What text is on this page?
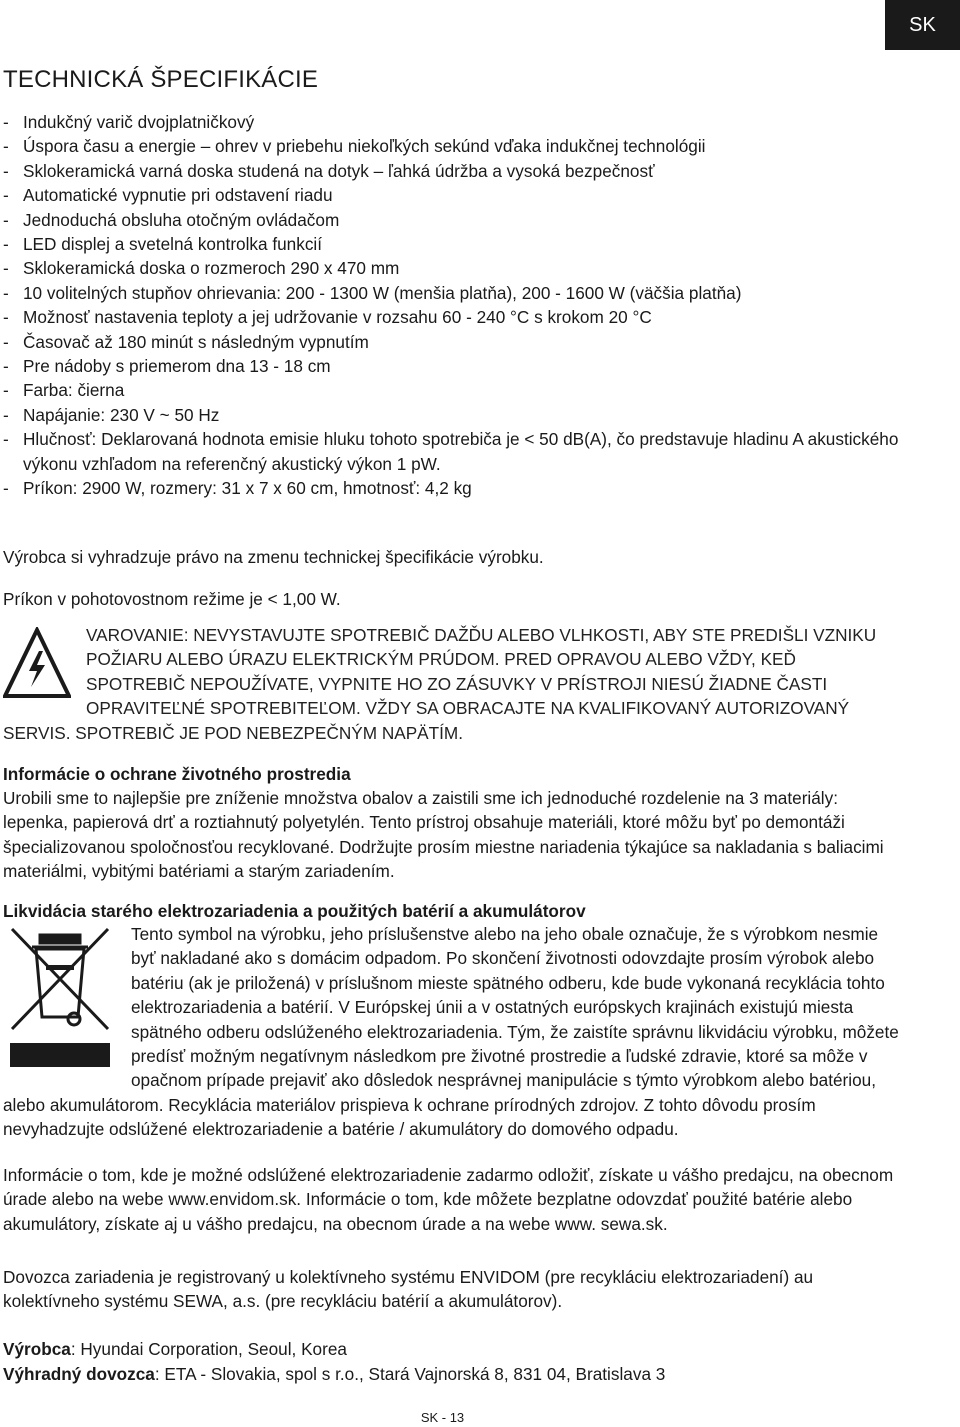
SK
TECHNICKÁ ŠPECIFIKÁCIE
- Indukčný varič dvojplatničkový
- Úspora času a energie – ohrev v priebehu niekoľkých sekúnd vďaka indukčnej technológii
- Sklokeramická varná doska studená na dotyk – ľahká údržba a vysoká bezpečnosť
- Automatické vypnutie pri odstavení riadu
- Jednoduchá obsluha otočným ovládačom
- LED displej a svetelná kontrolka funkcií
- Sklokeramická doska o rozmeroch 290 x 470 mm
- 10 volitelných stupňov ohrievania: 200 - 1300 W (menšia platňa), 200 - 1600 W (väčšia platňa)
- Možnosť nastavenia teploty a jej udržovanie v rozsahu 60 - 240 °C s krokom 20 °C
- Časovač až 180 minút s následným vypnutím
- Pre nádoby s priemerom dna 13 - 18 cm
- Farba: čierna
- Napájanie: 230 V ~ 50 Hz
- Hlučnosť: Deklarovaná hodnota emisie hluku tohoto spotrebiča je < 50 dB(A), čo predstavuje hladinu A akustického výkonu vzhľadom na referenčný akustický výkon 1 pW.
- Príkon: 2900 W, rozmery: 31 x 7 x 60 cm, hmotnosť: 4,2 kg

Výrobca si vyhradzuje právo na zmenu technickej špecifikácie výrobku.

Príkon v pohotovostnom režime je < 1,00 W.

VAROVANIE: NEVYSTAVUJTE SPOTREBIČ DAŽĎU ALEBO VLHKOSTI, ABY STE PREDIŠLI VZNIKU POŽIARU ALEBO ÚRAZU ELEKTRICKÝM PRÚDOM. PRED OPRAVOU ALEBO VŽDY, KEĎ SPOTREBIČ NEPOUŽÍVATE, VYPNITE HO ZO ZÁSUVKY V PRÍSTROJI NIESÚ ŽIADNE ČASTI OPRAVITEĽNÉ SPOTREBITEĽOM. VŽDY SA OBRACAJTE NA KVALIFIKOVANÝ AUTORIZOVANÝ SERVIS. SPOTREBIČ JE POD NEBEZPEČNÝM NAPÄTÍM.

Informácie o ochrane životného prostredia

Urobili sme to najlepšie pre zníženie množstva obalov a zaistili sme ich jednoduché rozdelenie na 3 materiály: lepenka, papierová drť a roztiahnutý polyetylén. Tento prístroj obsahuje materiáli, ktoré môžu byť po demontáži špecializovanou spoločnosťou recyklované. Dodržujte prosím miestne nariadenia týkajúce sa nakladania s baliacimi materiálmi, vybitými batériami a starým zariadením.

Likvidácia starého elektrozariadenia a použitých batérií a akumulátorov

Tento symbol na výrobku, jeho príslušenstve alebo na jeho obale označuje, že s výrobkom nesmie byť nakladané ako s domácim odpadom. Po skončení životnosti odovzdajte prosím výrobok alebo batériu (ak je priložená) v príslušnom mieste spätného odberu, kde bude vykonaná recyklácia tohto elektrozariadenia a batérií. V Európskej únii a v ostatných európskych krajinách existujú miesta spätného odberu odslúženého elektrozariadenia. Tým, že zaistíte správnu likvidáciu výrobku, môžete predísť možným negatívnym následkom pre životné prostredie a ľudské zdravie, ktoré sa môže v opačnom prípade prejaviť ako dôsledok nesprávnej manipulácie s týmto výrobkom alebo batériou, alebo akumulátorom. Recyklácia materiálov prispieva k ochrane prírodných zdrojov. Z tohto dôvodu prosím nevyhadzujte odslúžené elektrozariadenie a batérie / akumulátory do domového odpadu.

Informácie o tom, kde je možné odslúžené elektrozariadenie zadarmo odložiť, získate u vášho predajcu, na obecnom úrade alebo na webe www.envidom.sk. Informácie o tom, kde môžete bezplatne odovzdať použité batérie alebo akumulátory, získate aj u vášho predajcu, na obecnom úrade a na webe www. sewa.sk.

Dovozca zariadenia je registrovaný u kolektívneho systému ENVIDOM (pre recykláciu elektrozariadení) au kolektívneho systému SEWA, a.s. (pre recykláciu batérií a akumulátorov).

Výrobca: Hyundai Corporation, Seoul, Korea

Výhradný dovozca: ETA - Slovakia, spol s r.o., Stará Vajnorská 8, 831 04, Bratislava 3

SK - 13
